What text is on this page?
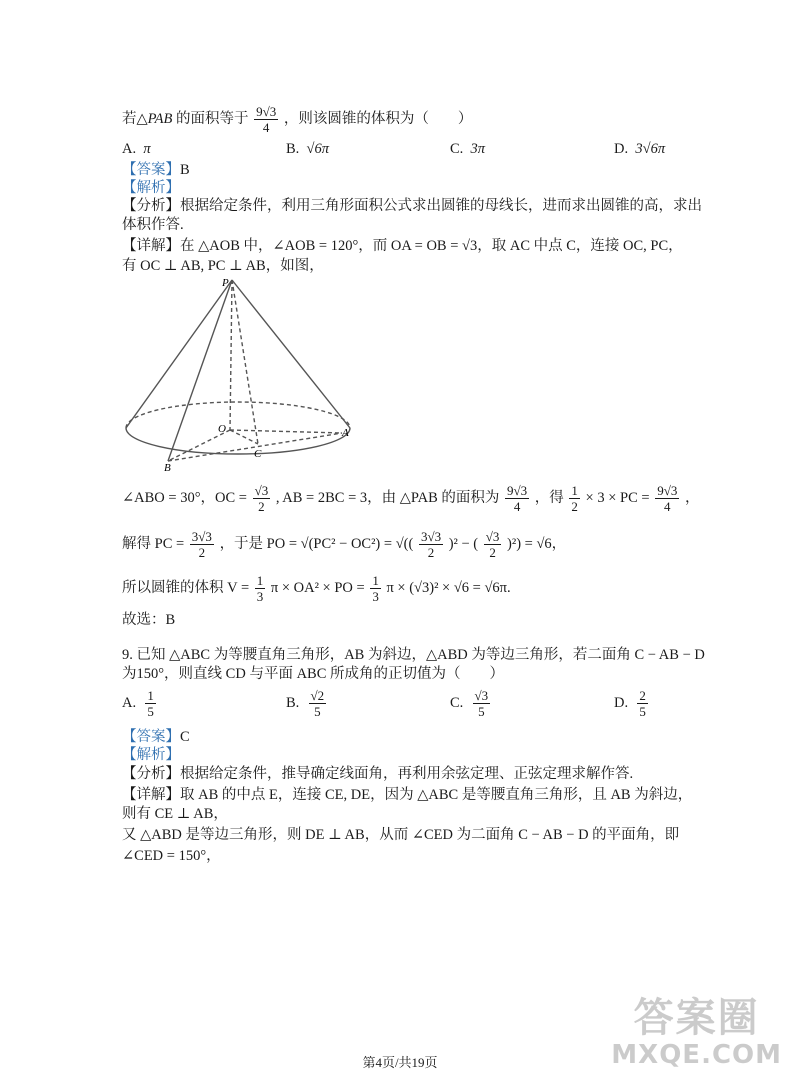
若△PAB 的面积等于 $\frac{9√3}{4}$ ，则该圆锥的体积为（　　）
A. π	B. √6π	C. 3π	D. 3√6π
【答案】B
【解析】
【分析】根据给定条件，利用三角形面积公式求出圆锥的母线长，进而求出圆锥的高，求出
体积作答.
【详解】在 △AOB 中，∠AOB = 120°，而 OA = OB = √3，取 AC 中点 C，连接 OC, PC，
有 OC ⊥ AB, PC ⊥ AB，如图，
P
O	A
B
C
∠ABO = 30°，OC = $\frac{√3}{2}$ , AB = 2BC = 3，由 △PAB 的面积为 $\frac{9√3}{4}$ ，得 $\frac{1}{2} \times 3$ × PC = $\frac{9√3}{4}$ ，
解得 PC = $\frac{3√3}{2}$ ，于是 PO = √(PC² − OC²) = √(( $\frac{3√3}{2} )^2$ − ( $\frac{√3}{2} )^2) = √6$，
所以圆锥的体积 $V = \frac{1}{3}$ π × OA² × PO = $\frac{1}{3}$ π × (√3)² × √6 = √6π.
故选：B
9. 已知 △ABC 为等腰直角三角形，AB 为斜边，△ABD 为等边三角形，若二面角 C − AB − D
为150°，则直线 CD 与平面 ABC 所成角的正切值为（　　）
A. $\frac{1}{5}$	B. $\frac{√2}{5}$	C. $\frac{√3}{5}$	D. $\frac{2}{5}$
【答案】C
【解析】
【分析】根据给定条件，推导确定线面角，再利用余弦定理、正弦定理求解作答.
【详解】取 AB 的中点 E，连接 CE, DE，因为 △ABC 是等腰直角三角形，且 AB 为斜边，
则有 CE ⊥ AB，
又 △ABD 是等边三角形，则 DE ⊥ AB，从而 ∠CED 为二面角 C − AB − D 的平面角，即
∠CED = 150°，
答案圈
MXQE.COM
第4页/共19页
